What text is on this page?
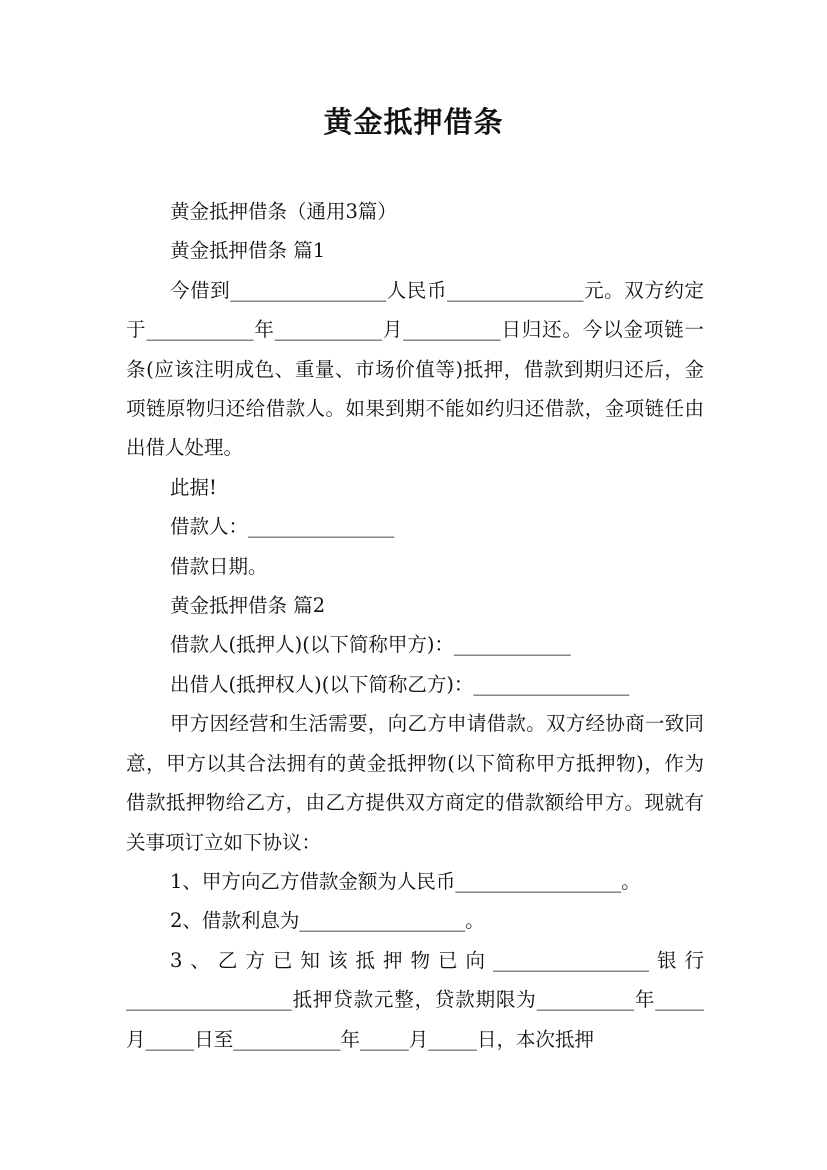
黄金抵押借条

黄金抵押借条（通用3篇）

黄金抵押借条 篇1

今借到________________人民币______________元。双方约定于___________年___________月__________日归还。今以金项链一条(应该注明成色、重量、市场价值等)抵押，借款到期归还后，金项链原物归还给借款人。如果到期不能如约归还借款，金项链任由出借人处理。

此据!

借款人：_______________

借款日期。

黄金抵押借条 篇2

借款人(抵押人)(以下简称甲方)：____________

出借人(抵押权人)(以下简称乙方)：________________

甲方因经营和生活需要，向乙方申请借款。双方经协商一致同意，甲方以其合法拥有的黄金抵押物(以下简称甲方抵押物)，作为借款抵押物给乙方，由乙方提供双方商定的借款额给甲方。现就有关事项订立如下协议：

1、甲方向乙方借款金额为人民币_________________。

2、借款利息为_________________。

3、乙方已知该抵押物已向________________银行_________________抵押贷款元整，贷款期限为__________年_____月_____日至___________年_____月_____日，本次抵押
